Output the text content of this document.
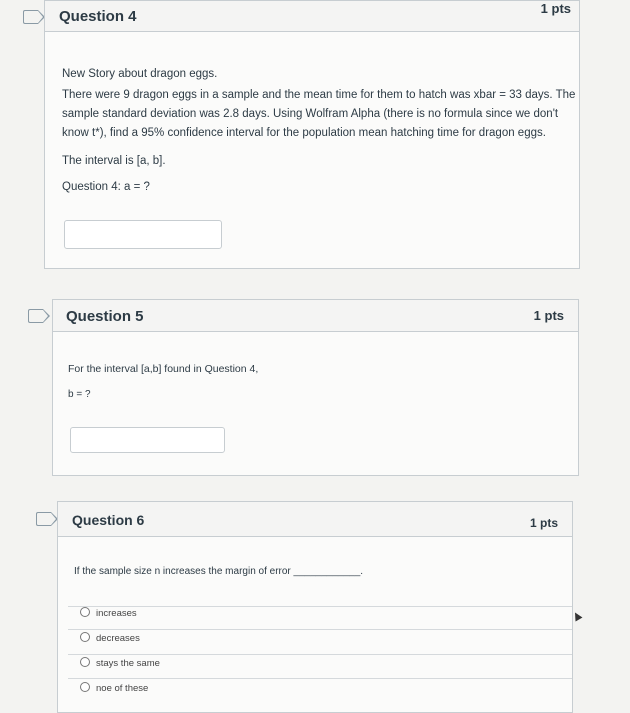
Question 4	1 pts
New Story about dragon eggs.
There were 9 dragon eggs in a sample and the mean time for them to hatch was xbar = 33 days. The
sample standard deviation was 2.8 days. Using Wolfram Alpha (there is no formula since we don't
know t*), find a 95% confidence interval for the population mean hatching time for dragon eggs.
The interval is [a, b].
Question 4: a = ?
Question 5	1 pts
For the interval [a,b] found in Question 4,
b = ?
Question 6	1 pts
If the sample size n increases the margin of error ____________.
increases
decreases
stays the same
noe of these
